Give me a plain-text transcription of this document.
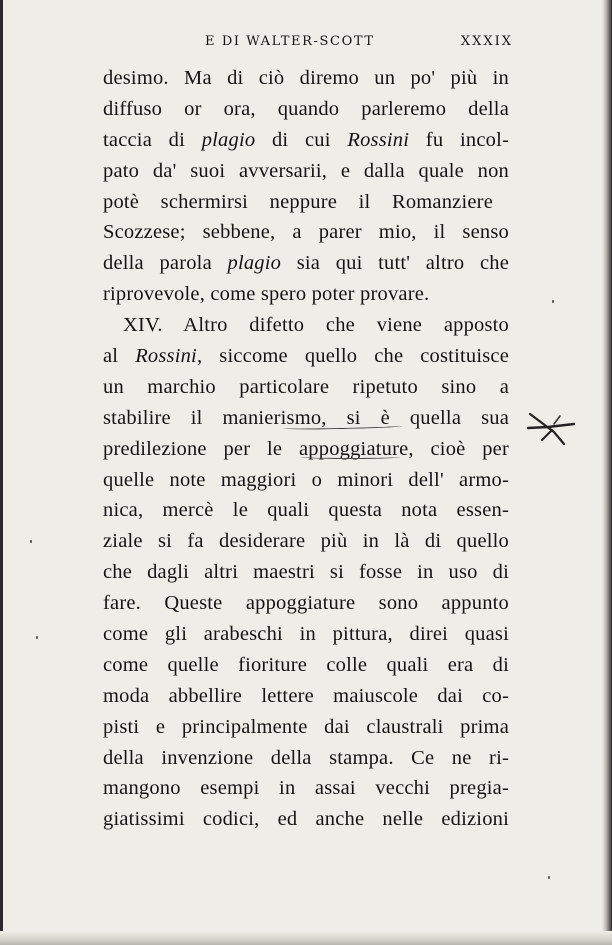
E DI WALTER-SCOTT	XXXIX
desimo. Ma di ciò diremo un po' più in
diffuso or ora, quando parleremo della
taccia di plagio di cui Rossini fu incol-
pato da' suoi avversarii, e dalla quale non
potè schermirsi neppure il Romanziere
Scozzese; sebbene, a parer mio, il senso
della parola plagio sia qui tutt' altro che
riprovevole, come spero poter provare.
XIV. Altro difetto che viene apposto
al Rossini, siccome quello che costituisce
un marchio particolare ripetuto sino a
stabilire il manierismo, si è quella sua
predilezione per le appoggiature, cioè per
quelle note maggiori o minori dell' armo-
nica, mercè le quali questa nota essen-
ziale si fa desiderare più in là di quello
che dagli altri maestri si fosse in uso di
fare. Queste appoggiature sono appunto
come gli arabeschi in pittura, direi quasi
come quelle fioriture colle quali era di
moda abbellire lettere maiuscole dai co-
pisti e principalmente dai claustrali prima
della invenzione della stampa. Ce ne ri-
mangono esempi in assai vecchi pregia-
giatissimi codici, ed anche nelle edizioni
